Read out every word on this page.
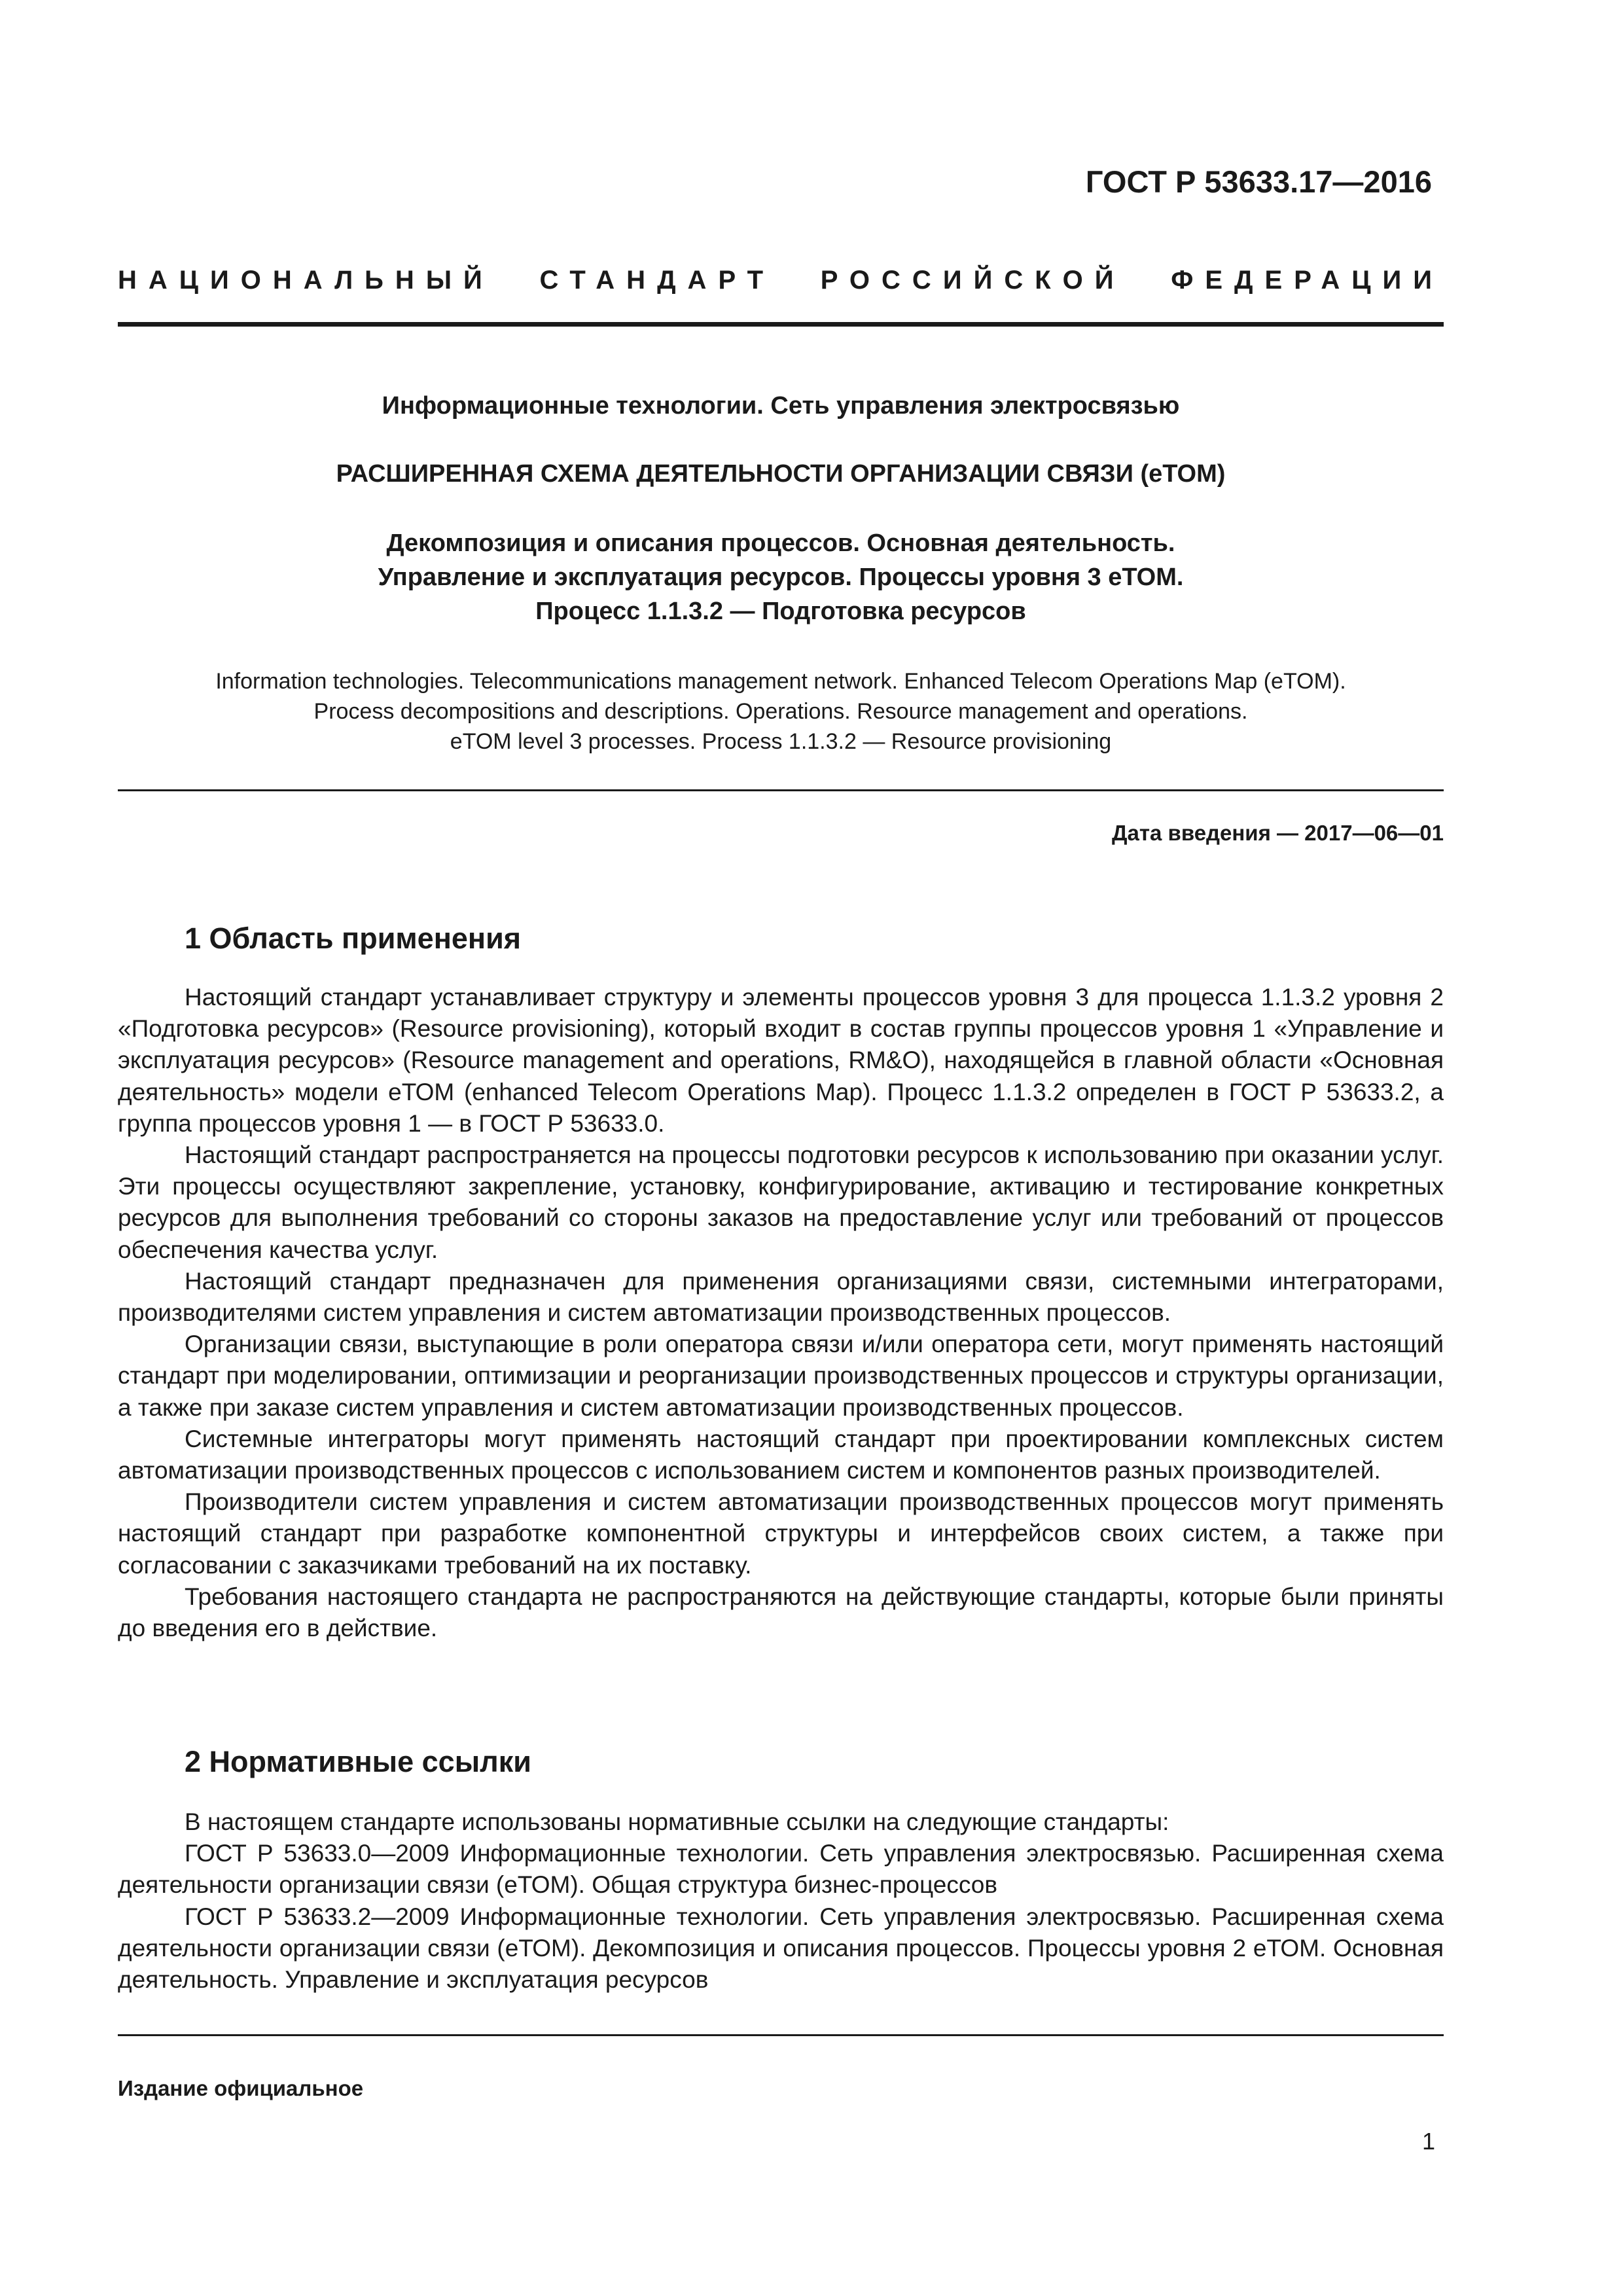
ГОСТ Р 53633.17—2016
НАЦИОНАЛЬНЫЙ СТАНДАРТ РОССИЙСКОЙ ФЕДЕРАЦИИ
Информационные технологии. Сеть управления электросвязью
РАСШИРЕННАЯ СХЕМА ДЕЯТЕЛЬНОСТИ ОРГАНИЗАЦИИ СВЯЗИ (еТОМ)
Декомпозиция и описания процессов. Основная деятельность.
Управление и эксплуатация ресурсов. Процессы уровня 3 еТОМ.
Процесс 1.1.3.2 — Подготовка ресурсов
Information technologies. Telecommunications management network. Enhanced Telecom Operations Map (eTOM).
Process decompositions and descriptions. Operations. Resource management and operations.
eTOM level 3 processes. Process 1.1.3.2 — Resource provisioning
Дата введения — 2017—06—01
1 Область применения

Настоящий стандарт устанавливает структуру и элементы процессов уровня 3 для процесса 1.1.3.2 уровня 2 «Подготовка ресурсов» (Resource provisioning), который входит в состав группы процессов уровня 1 «Управление и эксплуатация ресурсов» (Resource management and operations, RM&O), находящейся в главной области «Основная деятельность» модели еТОМ (enhanced Telecom Operations Map). Процесс 1.1.3.2 определен в ГОСТ Р 53633.2, а группа процессов уровня 1 — в ГОСТ Р 53633.0.

Настоящий стандарт распространяется на процессы подготовки ресурсов к использованию при оказании услуг. Эти процессы осуществляют закрепление, установку, конфигурирование, активацию и тестирование конкретных ресурсов для выполнения требований со стороны заказов на предоставление услуг или требований от процессов обеспечения качества услуг.

Настоящий стандарт предназначен для применения организациями связи, системными интеграторами, производителями систем управления и систем автоматизации производственных процессов.

Организации связи, выступающие в роли оператора связи и/или оператора сети, могут применять настоящий стандарт при моделировании, оптимизации и реорганизации производственных процессов и структуры организации, а также при заказе систем управления и систем автоматизации производственных процессов.

Системные интеграторы могут применять настоящий стандарт при проектировании комплексных систем автоматизации производственных процессов с использованием систем и компонентов разных производителей.

Производители систем управления и систем автоматизации производственных процессов могут применять настоящий стандарт при разработке компонентной структуры и интерфейсов своих систем, а также при согласовании с заказчиками требований на их поставку.

Требования настоящего стандарта не распространяются на действующие стандарты, которые были приняты до введения его в действие.

2 Нормативные ссылки

В настоящем стандарте использованы нормативные ссылки на следующие стандарты:

ГОСТ Р 53633.0—2009 Информационные технологии. Сеть управления электросвязью. Расширенная схема деятельности организации связи (еТОМ). Общая структура бизнес-процессов

ГОСТ Р 53633.2—2009 Информационные технологии. Сеть управления электросвязью. Расширенная схема деятельности организации связи (еТОМ). Декомпозиция и описания процессов. Процессы уровня 2 еТОМ. Основная деятельность. Управление и эксплуатация ресурсов

Издание официальное
1
